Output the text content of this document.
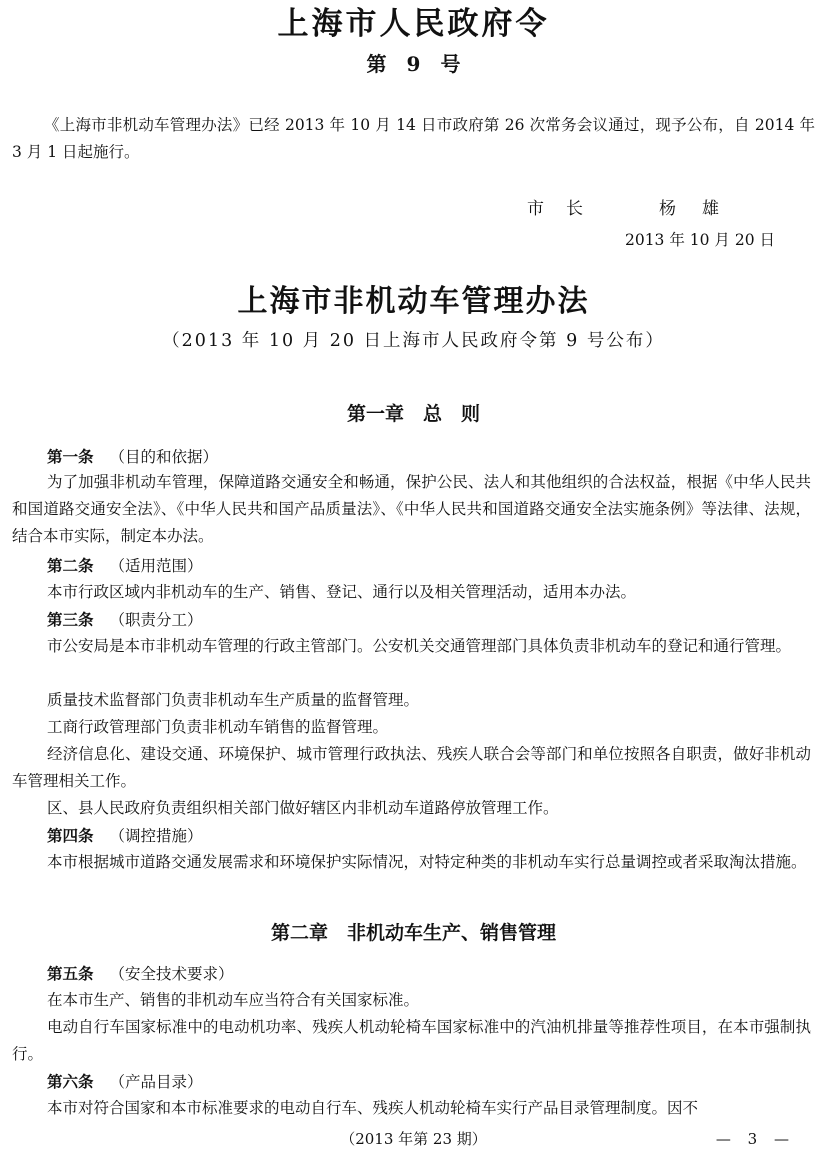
上海市人民政府令
第 9 号

《上海市非机动车管理办法》已经 2013 年 10 月 14 日市政府第 26 次常务会议通过，现予公布，自 2014 年 3 月 1 日起施行。

市长	杨雄
2013 年 10 月 20 日
上海市非机动车管理办法
（2013 年 10 月 20 日上海市人民政府令第 9 号公布）
第一章　总　则
第一条 （目的和依据）

为了加强非机动车管理，保障道路交通安全和畅通，保护公民、法人和其他组织的合法权益，根据《中华人民共和国道路交通安全法》、《中华人民共和国产品质量法》、《中华人民共和国道路交通安全法实施条例》等法律、法规，结合本市实际，制定本办法。

第二条 （适用范围）

本市行政区域内非机动车的生产、销售、登记、通行以及相关管理活动，适用本办法。

第三条 （职责分工）

市公安局是本市非机动车管理的行政主管部门。公安机关交通管理部门具体负责非机动车的登记和通行管理。

质量技术监督部门负责非机动车生产质量的监督管理。

工商行政管理部门负责非机动车销售的监督管理。

经济信息化、建设交通、环境保护、城市管理行政执法、残疾人联合会等部门和单位按照各自职责，做好非机动车管理相关工作。

区、县人民政府负责组织相关部门做好辖区内非机动车道路停放管理工作。

第四条 （调控措施）

本市根据城市道路交通发展需求和环境保护实际情况，对特定种类的非机动车实行总量调控或者采取淘汰措施。

第二章　非机动车生产、销售管理
第五条 （安全技术要求）

在本市生产、销售的非机动车应当符合有关国家标准。

电动自行车国家标准中的电动机功率、残疾人机动轮椅车国家标准中的汽油机排量等推荐性项目，在本市强制执行。

第六条 （产品目录）

本市对符合国家和本市标准要求的电动自行车、残疾人机动轮椅车实行产品目录管理制度。因不

（2013 年第 23 期）	— 3 —
